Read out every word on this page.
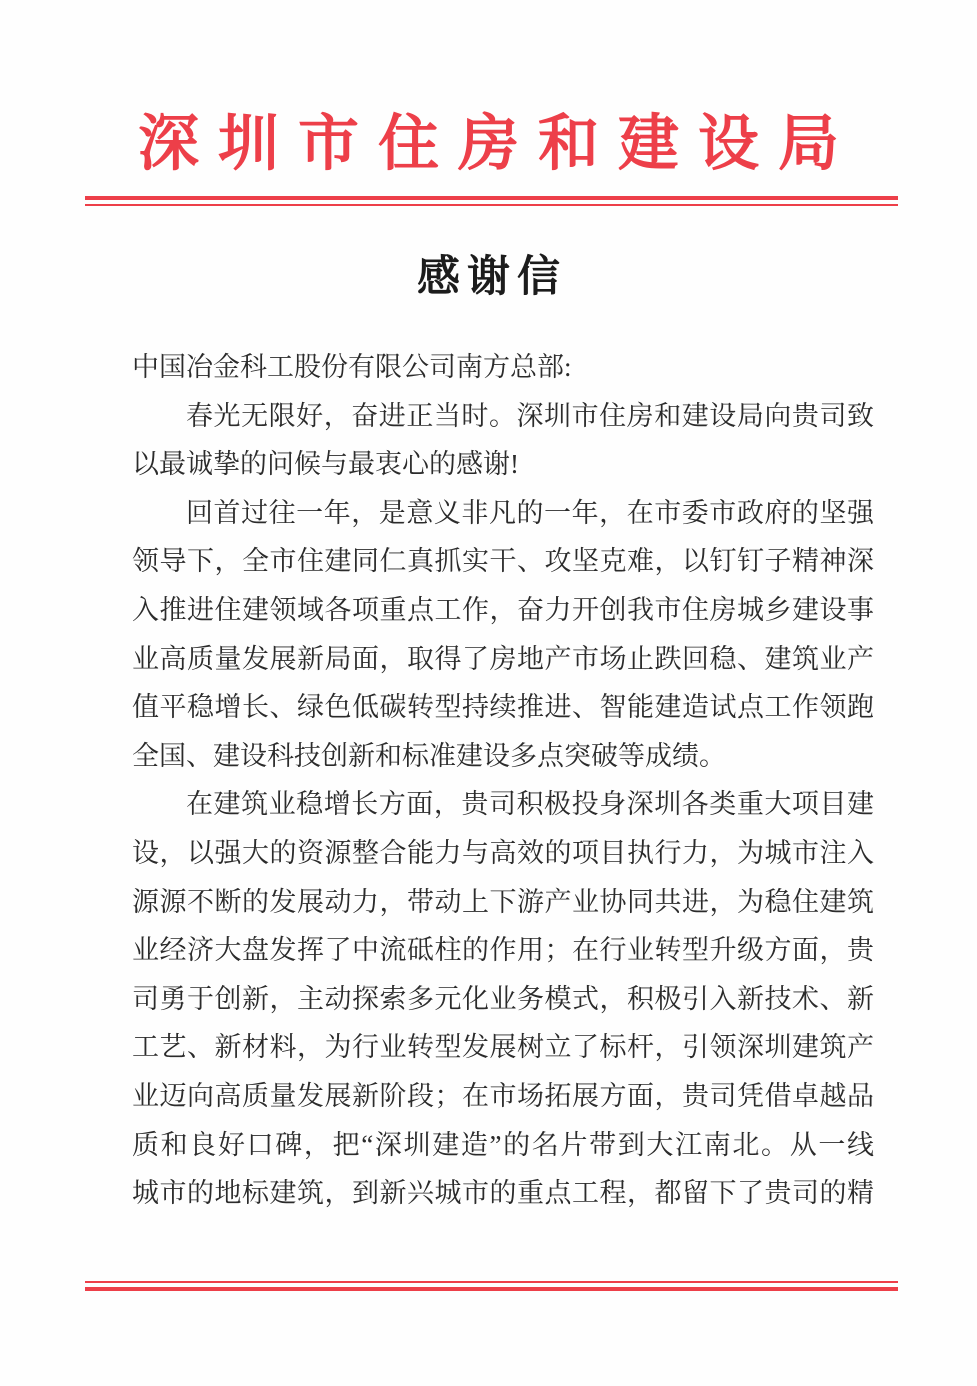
深圳市住房和建设局
感谢信
中国冶金科工股份有限公司南方总部:
春光无限好，奋进正当时。深圳市住房和建设局向贵司致
以最诚挚的问候与最衷心的感谢!
回首过往一年，是意义非凡的一年，在市委市政府的坚强
领导下，全市住建同仁真抓实干、攻坚克难，以钉钉子精神深
入推进住建领域各项重点工作，奋力开创我市住房城乡建设事
业高质量发展新局面，取得了房地产市场止跌回稳、建筑业产
值平稳增长、绿色低碳转型持续推进、智能建造试点工作领跑
全国、建设科技创新和标准建设多点突破等成绩。
在建筑业稳增长方面，贵司积极投身深圳各类重大项目建
设，以强大的资源整合能力与高效的项目执行力，为城市注入
源源不断的发展动力，带动上下游产业协同共进，为稳住建筑
业经济大盘发挥了中流砥柱的作用；在行业转型升级方面，贵
司勇于创新，主动探索多元化业务模式，积极引入新技术、新
工艺、新材料，为行业转型发展树立了标杆，引领深圳建筑产
业迈向高质量发展新阶段；在市场拓展方面，贵司凭借卓越品
质和良好口碑，把“深圳建造”的名片带到大江南北。从一线
城市的地标建筑，到新兴城市的重点工程，都留下了贵司的精
